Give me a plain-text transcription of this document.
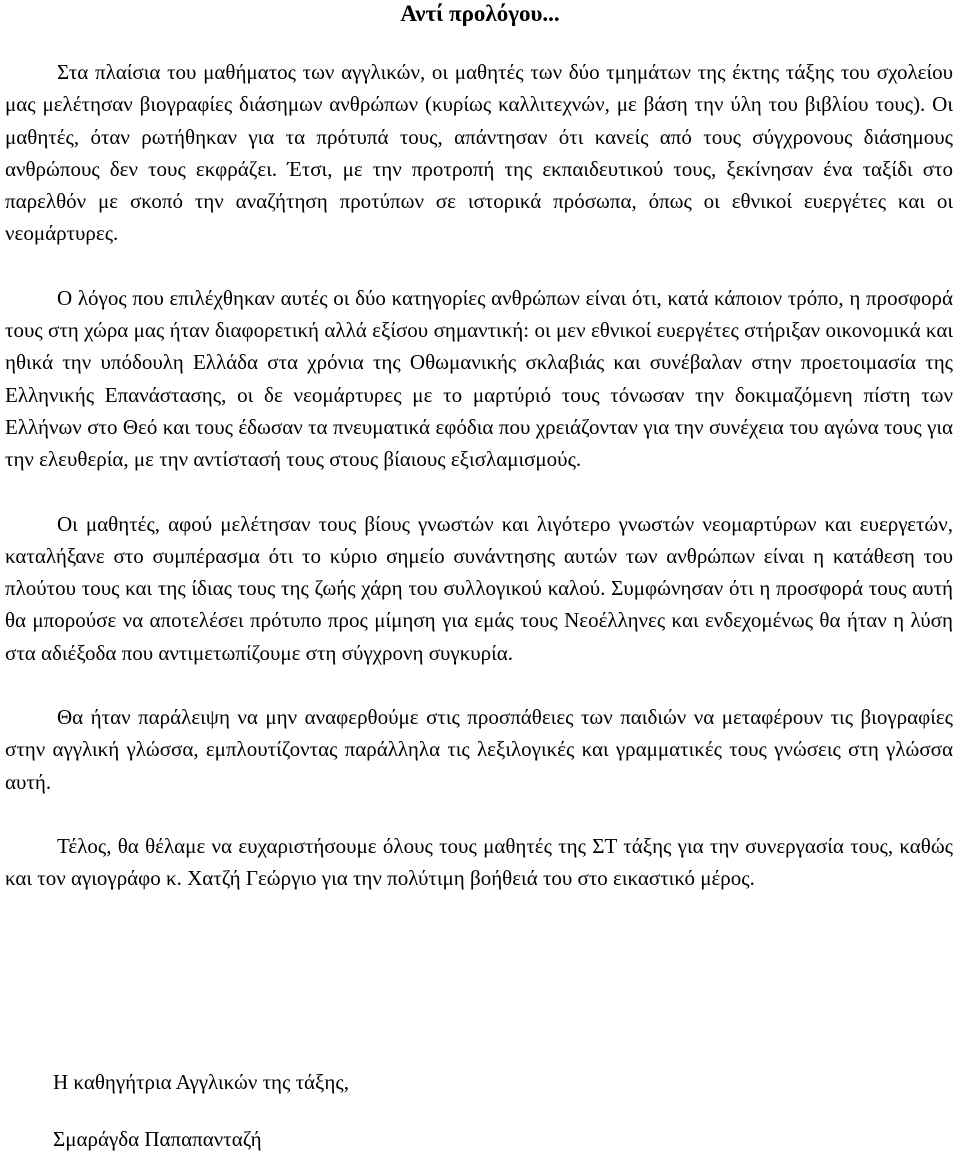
Αντί προλόγου...

Στα πλαίσια του μαθήματος των αγγλικών, οι μαθητές των δύο τμημάτων της έκτης τάξης του σχολείου μας μελέτησαν βιογραφίες διάσημων ανθρώπων (κυρίως καλλιτεχνών, με βάση την ύλη του βιβλίου τους). Οι μαθητές, όταν ρωτήθηκαν για τα πρότυπά τους, απάντησαν ότι κανείς από τους σύγχρονους διάσημους ανθρώπους δεν τους εκφράζει. Έτσι, με την προτροπή της εκπαιδευτικού τους, ξεκίνησαν ένα ταξίδι στο παρελθόν με σκοπό την αναζήτηση προτύπων σε ιστορικά πρόσωπα, όπως οι εθνικοί ευεργέτες και οι νεομάρτυρες.

Ο λόγος που επιλέχθηκαν αυτές οι δύο κατηγορίες ανθρώπων είναι ότι, κατά κάποιον τρόπο, η προσφορά τους στη χώρα μας ήταν διαφορετική αλλά εξίσου σημαντική: οι μεν εθνικοί ευεργέτες στήριξαν οικονομικά και ηθικά την υπόδουλη Ελλάδα στα χρόνια της Οθωμανικής σκλαβιάς και συνέβαλαν στην προετοιμασία της Ελληνικής Επανάστασης, οι δε νεομάρτυρες με το μαρτύριό τους τόνωσαν την δοκιμαζόμενη πίστη των Ελλήνων στο Θεό και τους έδωσαν τα πνευματικά εφόδια που χρειάζονταν για την συνέχεια του αγώνα τους για την ελευθερία, με την αντίστασή τους στους βίαιους εξισλαμισμούς.

Οι μαθητές, αφού μελέτησαν τους βίους γνωστών και λιγότερο γνωστών νεομαρτύρων και ευεργετών, καταλήξανε στο συμπέρασμα ότι το κύριο σημείο συνάντησης αυτών των ανθρώπων είναι η κατάθεση του πλούτου τους και της ίδιας τους της ζωής χάρη του συλλογικού καλού. Συμφώνησαν ότι η προσφορά τους αυτή θα μπορούσε να αποτελέσει πρότυπο προς μίμηση για εμάς τους Νεοέλληνες και ενδεχομένως θα ήταν η λύση στα αδιέξοδα που αντιμετωπίζουμε στη σύγχρονη συγκυρία.

Θα ήταν παράλειψη να μην αναφερθούμε στις προσπάθειες των παιδιών να μεταφέρουν τις βιογραφίες στην αγγλική γλώσσα, εμπλουτίζοντας παράλληλα τις λεξιλογικές και γραμματικές τους γνώσεις στη γλώσσα αυτή.

Τέλος, θα θέλαμε να ευχαριστήσουμε όλους τους μαθητές της ΣΤ τάξης για την συνεργασία τους, καθώς και τον αγιογράφο κ. Χατζή Γεώργιο για την πολύτιμη βοήθειά του στο εικαστικό μέρος.

Η καθηγήτρια Αγγλικών της τάξης,

Σμαράγδα Παπαπανταζή
